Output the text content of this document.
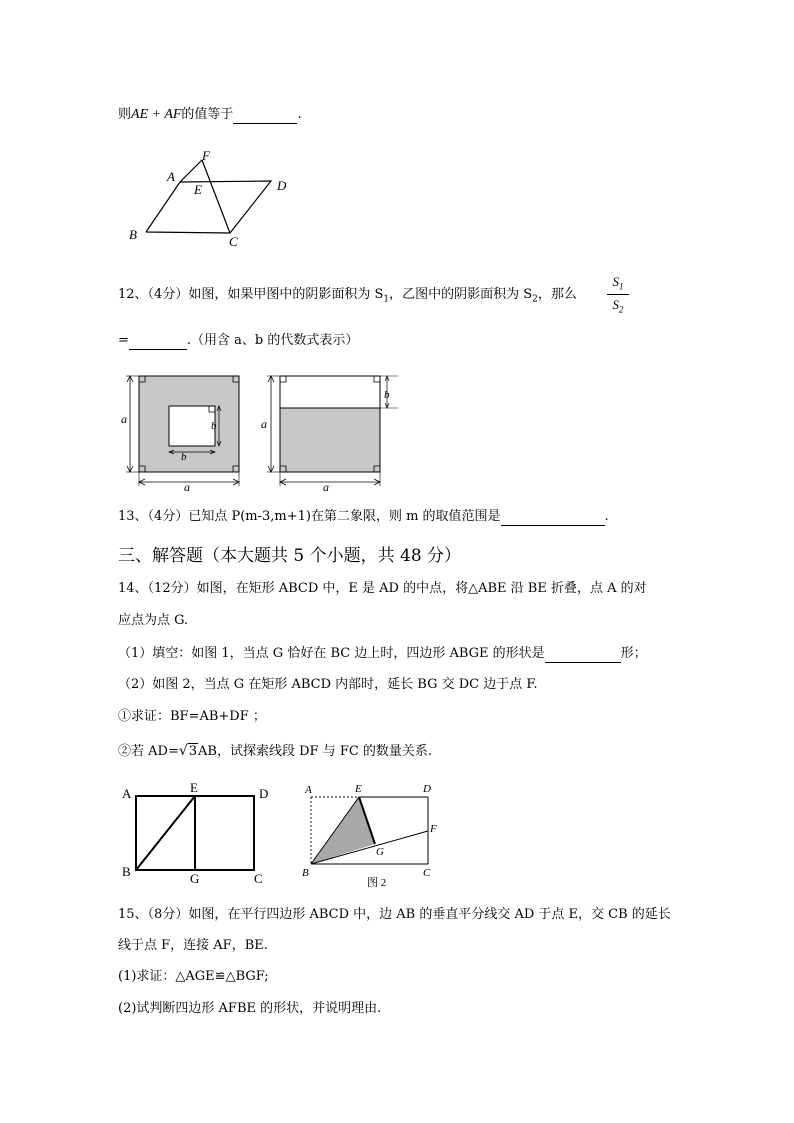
则AE + AF的值等于	.
F
A
E	D
B	C
12、（4分）如图，如果甲图中的阴影面积为 $S_1$，乙图中的阴影面积为 $S_2$，那么 $\frac{S_1}{S_2}$
=	.（用含 a、b 的代数式表示）
a
a
b
b
b
a
a
13、（4分）已知点 P(m-3,m+1)在第二象限，则 m 的取值范围是	.
三、解答题（本大题共 5 个小题，共 48 分）
14、（12分）如图，在矩形 ABCD 中，E 是 AD 的中点，将△ABE 沿 BE 折叠，点 A 的对
应点为点 G.
（1）填空：如图 1，当点 G 恰好在 BC 边上时，四边形 ABGE 的形状是	形；
（2）如图 2，当点 G 在矩形 ABCD 内部时，延长 BG 交 DC 边于点 F.
①求证：BF=AB+DF ；
②若 AD=√3AB，试探索线段 DF 与 FC 的数量关系.
A	E	D
B	G	C
A	E	D
F
G
B	C
图 2
15、（8分）如图，在平行四边形 ABCD 中，边 AB 的垂直平分线交 AD 于点 E，交 CB 的延长
线于点 F，连接 AF，BE.
(1)求证：△AGE≌△BGF;
(2)试判断四边形 AFBE 的形状，并说明理由.
